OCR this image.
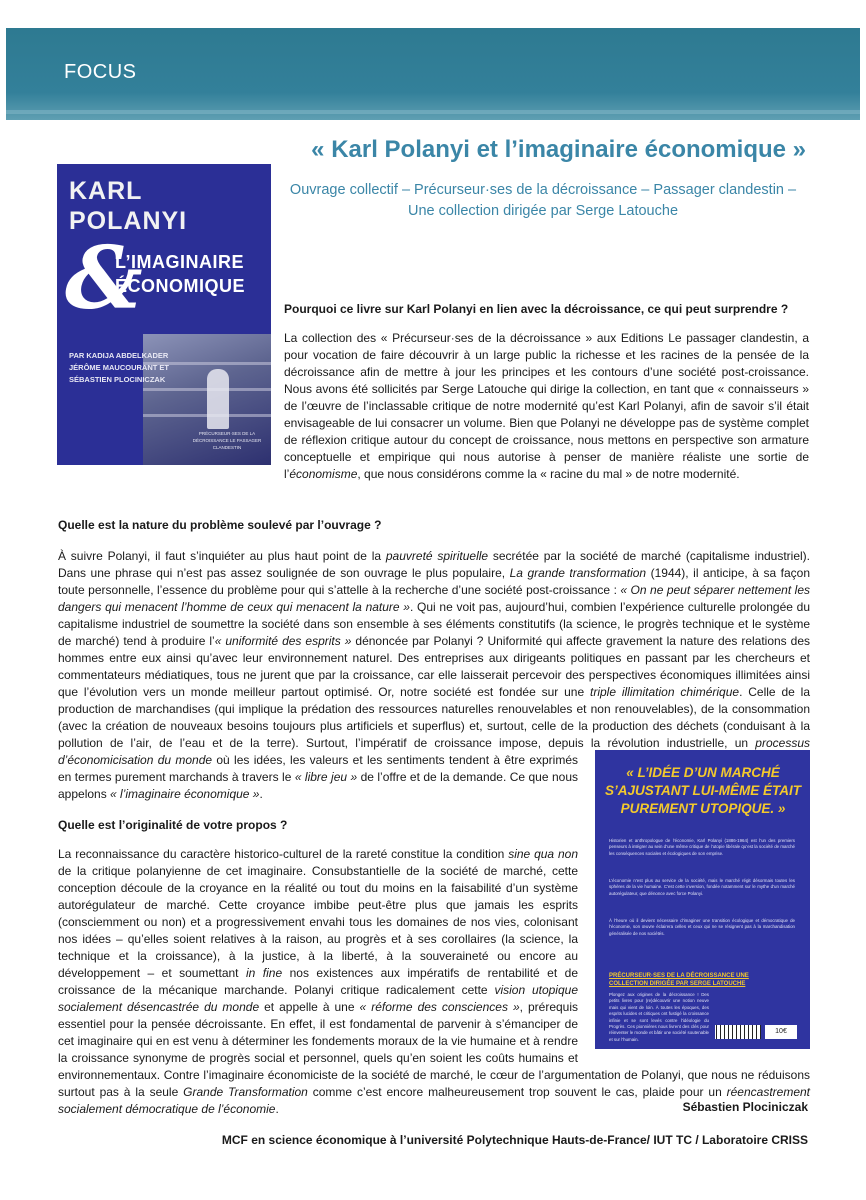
FOCUS
« Karl Polanyi et l’imaginaire économique »
Ouvrage collectif – Précurseur·ses de la décroissance – Passager clandestin – Une collection dirigée par Serge Latouche
KARL POLANYI
&
L’IMAGINAIRE ÉCONOMIQUE
PAR KADIJA ABDELKADER JÉRÔME MAUCOURANT ET SÉBASTIEN PLOCINICZAK
PRÉCURSEUR·SES DE LA DÉCROISSANCE LE PASSAGER CLANDESTIN
Pourquoi ce livre sur Karl Polanyi en lien avec la décroissance, ce qui peut surprendre ?
La collection des « Précurseur·ses de la décroissance » aux Editions Le passager clandestin, a pour vocation de faire découvrir à un large public la richesse et les racines de la pensée de la décroissance afin de mettre à jour les principes et les contours d’une société post-croissance. Nous avons été sollicités par Serge Latouche qui dirige la collection, en tant que « connaisseurs » de l’œuvre de l’inclassable critique de notre modernité qu’est Karl Polanyi, afin de savoir s’il était envisageable de lui consacrer un volume. Bien que Polanyi ne développe pas de système complet de réflexion critique autour du concept de croissance, nous mettons en perspective son armature conceptuelle et empirique qui nous autorise à penser de manière réaliste une sortie de l’économisme, que nous considérons comme la « racine du mal » de notre modernité.
Quelle est la nature du problème soulevé par l’ouvrage ?
À suivre Polanyi, il faut s’inquiéter au plus haut point de la pauvreté spirituelle secrétée par la société de marché (capitalisme industriel). Dans une phrase qui n’est pas assez soulignée de son ouvrage le plus populaire, La grande transformation (1944), il anticipe, à sa façon toute personnelle, l’essence du problème pour qui s’attelle à la recherche d’une société post-croissance : « On ne peut séparer nettement les dangers qui menacent l’homme de ceux qui menacent la nature ». Qui ne voit pas, aujourd’hui, combien l’expérience culturelle prolongée du capitalisme industriel de soumettre la société dans son ensemble à ses éléments constitutifs (la science, le progrès technique et le système de marché) tend à produire l’« uniformité des esprits » dénoncée par Polanyi ? Uniformité qui affecte gravement la nature des relations des hommes entre eux ainsi qu’avec leur environnement naturel. Des entreprises aux dirigeants politiques en passant par les chercheurs et commentateurs médiatiques, tous ne jurent que par la croissance, car elle laisserait percevoir des perspectives économiques illimitées ainsi que l’évolution vers un monde meilleur partout optimisé. Or, notre société est fondée sur une triple illimitation chimérique. Celle de la production de marchandises (qui implique la prédation des ressources naturelles renouvelables et non renouvelables), de la consommation (avec la création de nouveaux besoins toujours plus artificiels et superflus) et, surtout, celle de la production des déchets (conduisant à la pollution de l’air, de l’eau et de la terre). Surtout, l’impératif de croissance impose, depuis la révolution industrielle, un processus d’économicisation du monde où les idées, les valeurs et les sentiments tendent à être exprimés en termes purement marchands à travers le « libre jeu » de l’offre et de la demande. Ce que nous appelons « l’imaginaire économique ».
Quelle est l’originalité de votre propos ?
La reconnaissance du caractère historico-culturel de la rareté constitue la condition sine qua non de la critique polanyienne de cet imaginaire. Consubstantielle de la société de marché, cette conception découle de la croyance en la réalité ou tout du moins en la faisabilité d’un système autorégulateur de marché. Cette croyance imbibe peut-être plus que jamais les esprits (consciemment ou non) et a progressivement envahi tous les domaines de nos vies, colonisant nos idées – qu’elles soient relatives à la raison, au progrès et à ses corollaires (la science, la technique et la croissance), à la justice, à la liberté, à la souveraineté ou encore au développement – et soumettant in fine nos existences aux impératifs de rentabilité et de croissance de la mécanique marchande. Polanyi critique radicalement cette vision utopique socialement désencastrée du monde et appelle à une « réforme des consciences », prérequis essentiel pour la pensée décroissante. En effet, il est fondamental de parvenir à s’émanciper de cet imaginaire qui en est venu à déterminer les fondements moraux de la vie humaine et à rendre la croissance synonyme de progrès social et personnel, quels qu’en soient les coûts humains et environnementaux. Contre l’imaginaire économiciste de la société de marché, le cœur de l’argumentation de Polanyi, que nous ne réduisons surtout pas à la seule Grande Transformation comme c’est encore malheureusement trop souvent le cas, plaide pour un réencastrement socialement démocratique de l’économie.
« L’IDÉE D’UN MARCHÉ S’AJUSTANT LUI-MÊME ÉTAIT PUREMENT UTOPIQUE. »
Historien et anthropologue de l’économie, Karl Polanyi (1886-1964) est l’un des premiers penseurs à intégrer au sein d’une même critique de l’utopie libérale qu’est la société de marché les conséquences sociales et écologiques de son emprise.
L’économie n’est plus au service de la société, mais le marché régit désormais toutes les sphères de la vie humaine. C’est cette inversion, fondée notamment sur le mythe d’un marché autorégulateur, que dénonce avec force Polanyi.
À l’heure où il devient nécessaire d’imaginer une transition écologique et démocratique de l’économie, son œuvre éclairera celles et ceux qui ne se résignent pas à la marchandisation généralisée de nos sociétés.
PRÉCURSEUR·SES DE LA DÉCROISSANCE UNE COLLECTION DIRIGÉE PAR SERGE LATOUCHE
Plongez aux origines de la décroissance ! Des petits livres pour (re)découvrir une notion neuve mais qui vient de loin. À toutes les époques, des esprits lucides et critiques ont fustigé la croissance infinie et se sont levés contre l’idéologie du Progrès. Ces pionnières nous livrent des clés pour réinventer le monde et bâtir une société soutenable et sur l’humain.
10€
Sébastien Plociniczak
MCF en science économique à l’université Polytechnique Hauts-de-France/ IUT TC / Laboratoire CRISS
